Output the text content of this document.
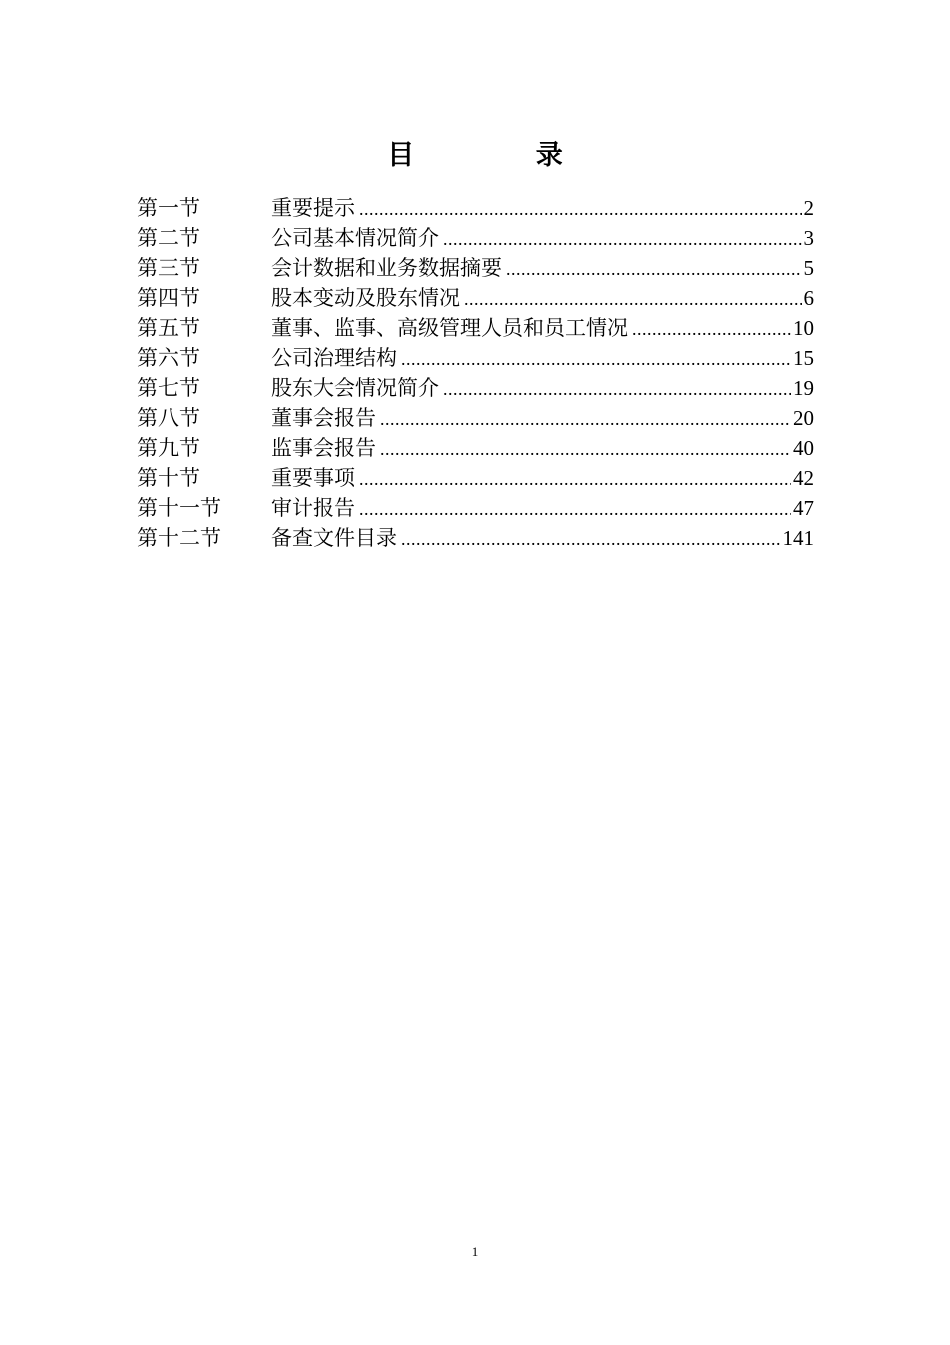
目 录
第一节	重要提示 .....	2
第二节	公司基本情况简介 .....	3
第三节	会计数据和业务数据摘要 .....	5
第四节	股本变动及股东情况 .....	6
第五节	董事、监事、高级管理人员和员工情况 .....	10
第六节	公司治理结构 .....	15
第七节	股东大会情况简介 .....	19
第八节	董事会报告 .....	20
第九节	监事会报告 .....	40
第十节	重要事项 .....	42
第十一节	审计报告 .....	47
第十二节	备查文件目录 .....	141
1
